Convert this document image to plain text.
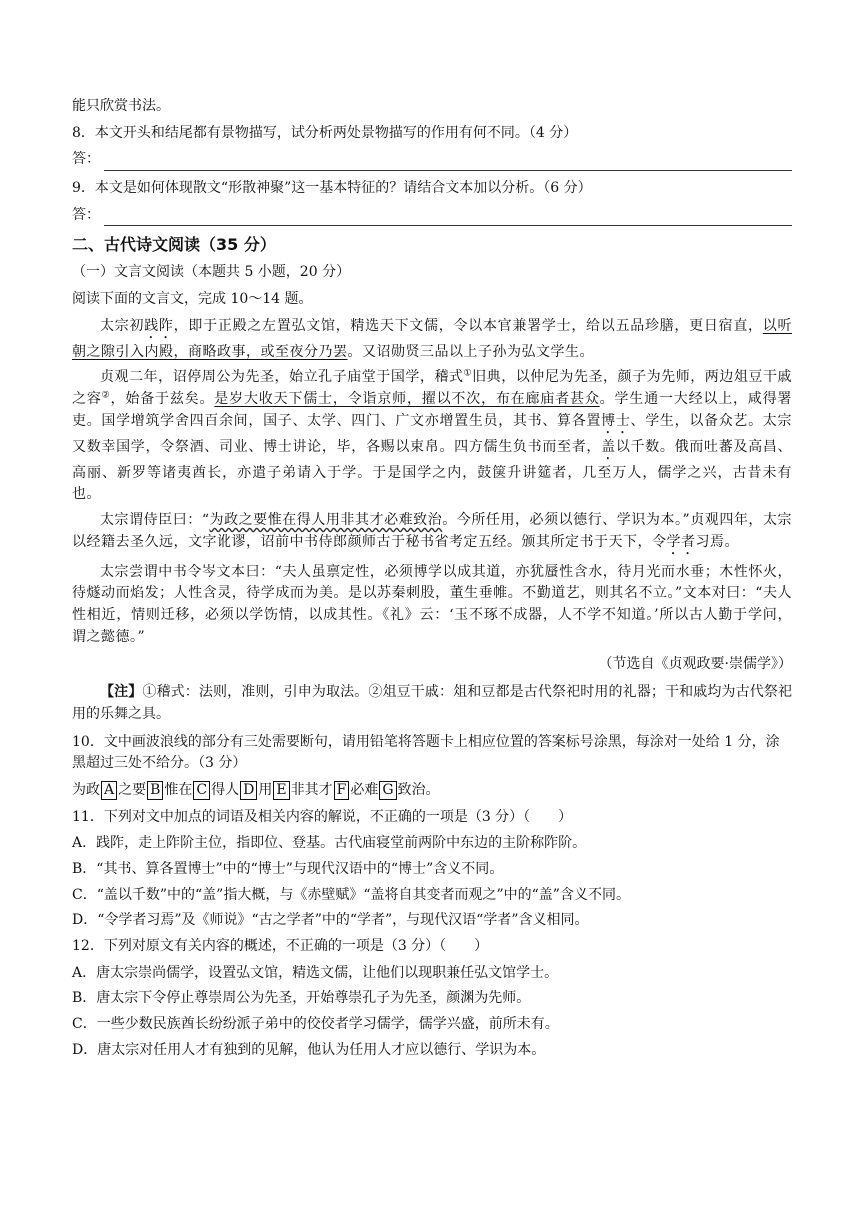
能只欣赏书法。

8．本文开头和结尾都有景物描写，试分析两处景物描写的作用有何不同。（4 分）

答：

9．本文是如何体现散文“形散神聚”这一基本特征的？请结合文本加以分析。（6 分）

答：
二、古代诗文阅读（35 分）

（一）文言文阅读（本题共 5 小题，20 分）

阅读下面的文言文，完成 10～14 题。

太宗初践阼，即于正殿之左置弘文馆，精选天下文儒，令以本官兼署学士，给以五品珍膳，更日宿直，以听朝之隙引入内殿，商略政事，或至夜分乃罢。又诏勋贤三品以上子孙为弘文学生。

贞观二年，诏停周公为先圣，始立孔子庙堂于国学，稽式①旧典，以仲尼为先圣，颜子为先师，两边俎豆干戚之容②，始备于兹矣。是岁大收天下儒士，令诣京师，擢以不次，布在廊庙者甚众。学生通一大经以上，咸得署吏。国学增筑学舍四百余间，国子、太学、四门、广文亦增置生员，其书、算各置博士、学生，以备众艺。太宗又数幸国学，令祭酒、司业、博士讲论，毕，各赐以束帛。四方儒生负书而至者，盖以千数。俄而吐蕃及高昌、高丽、新罗等诸夷酋长，亦遣子弟请入于学。于是国学之内，鼓箧升讲筵者，几至万人，儒学之兴，古昔未有也。

太宗谓侍臣曰：“为政之要惟在得人用非其才必难致治。今所任用，必须以德行、学识为本。”贞观四年，太宗以经籍去圣久远，文字讹谬，诏前中书侍郎颜师古于秘书省考定五经。颁其所定书于天下，令学者习焉。

太宗尝谓中书令岑文本曰：“夫人虽禀定性，必须博学以成其道，亦犹蜃性含水，待月光而水垂；木性怀火，待燧动而焰发；人性含灵，待学成而为美。是以苏秦刺股，董生垂帷。不勤道艺，则其名不立。”文本对曰：“夫人性相近，情则迁移，必须以学饬情，以成其性。《礼》云：‘玉不琢不成器，人不学不知道。’所以古人勤于学问，谓之懿德。”

（节选自《贞观政要·崇儒学》）

【注】①稽式：法则，准则，引申为取法。②俎豆干戚：俎和豆都是古代祭祀时用的礼器；干和戚均为古代祭祀用的乐舞之具。

10．文中画波浪线的部分有三处需要断句，请用铅笔将答题卡上相应位置的答案标号涂黑，每涂对一处给 1 分，涂黑超过三处不给分。（3 分）

为政 A 之要 B 惟在 C 得人 D 用 E 非其才 F 必难 G 致治。

11．下列对文中加点的词语及相关内容的解说，不正确的一项是（3 分）（　　）

A．践阼，走上阼阶主位，指即位、登基。古代庙寝堂前两阶中东边的主阶称阼阶。

B．“其书、算各置博士”中的“博士”与现代汉语中的“博士”含义不同。

C．“盖以千数”中的“盖”指大概，与《赤壁赋》“盖将自其变者而观之”中的“盖”含义不同。

D．“令学者习焉”及《师说》“古之学者”中的“学者”，与现代汉语“学者”含义相同。

12．下列对原文有关内容的概述，不正确的一项是（3 分）（　　）

A．唐太宗崇尚儒学，设置弘文馆，精选文儒，让他们以现职兼任弘文馆学士。

B．唐太宗下令停止尊崇周公为先圣，开始尊崇孔子为先圣，颜渊为先师。

C．一些少数民族酋长纷纷派子弟中的佼佼者学习儒学，儒学兴盛，前所未有。

D．唐太宗对任用人才有独到的见解，他认为任用人才应以德行、学识为本。
